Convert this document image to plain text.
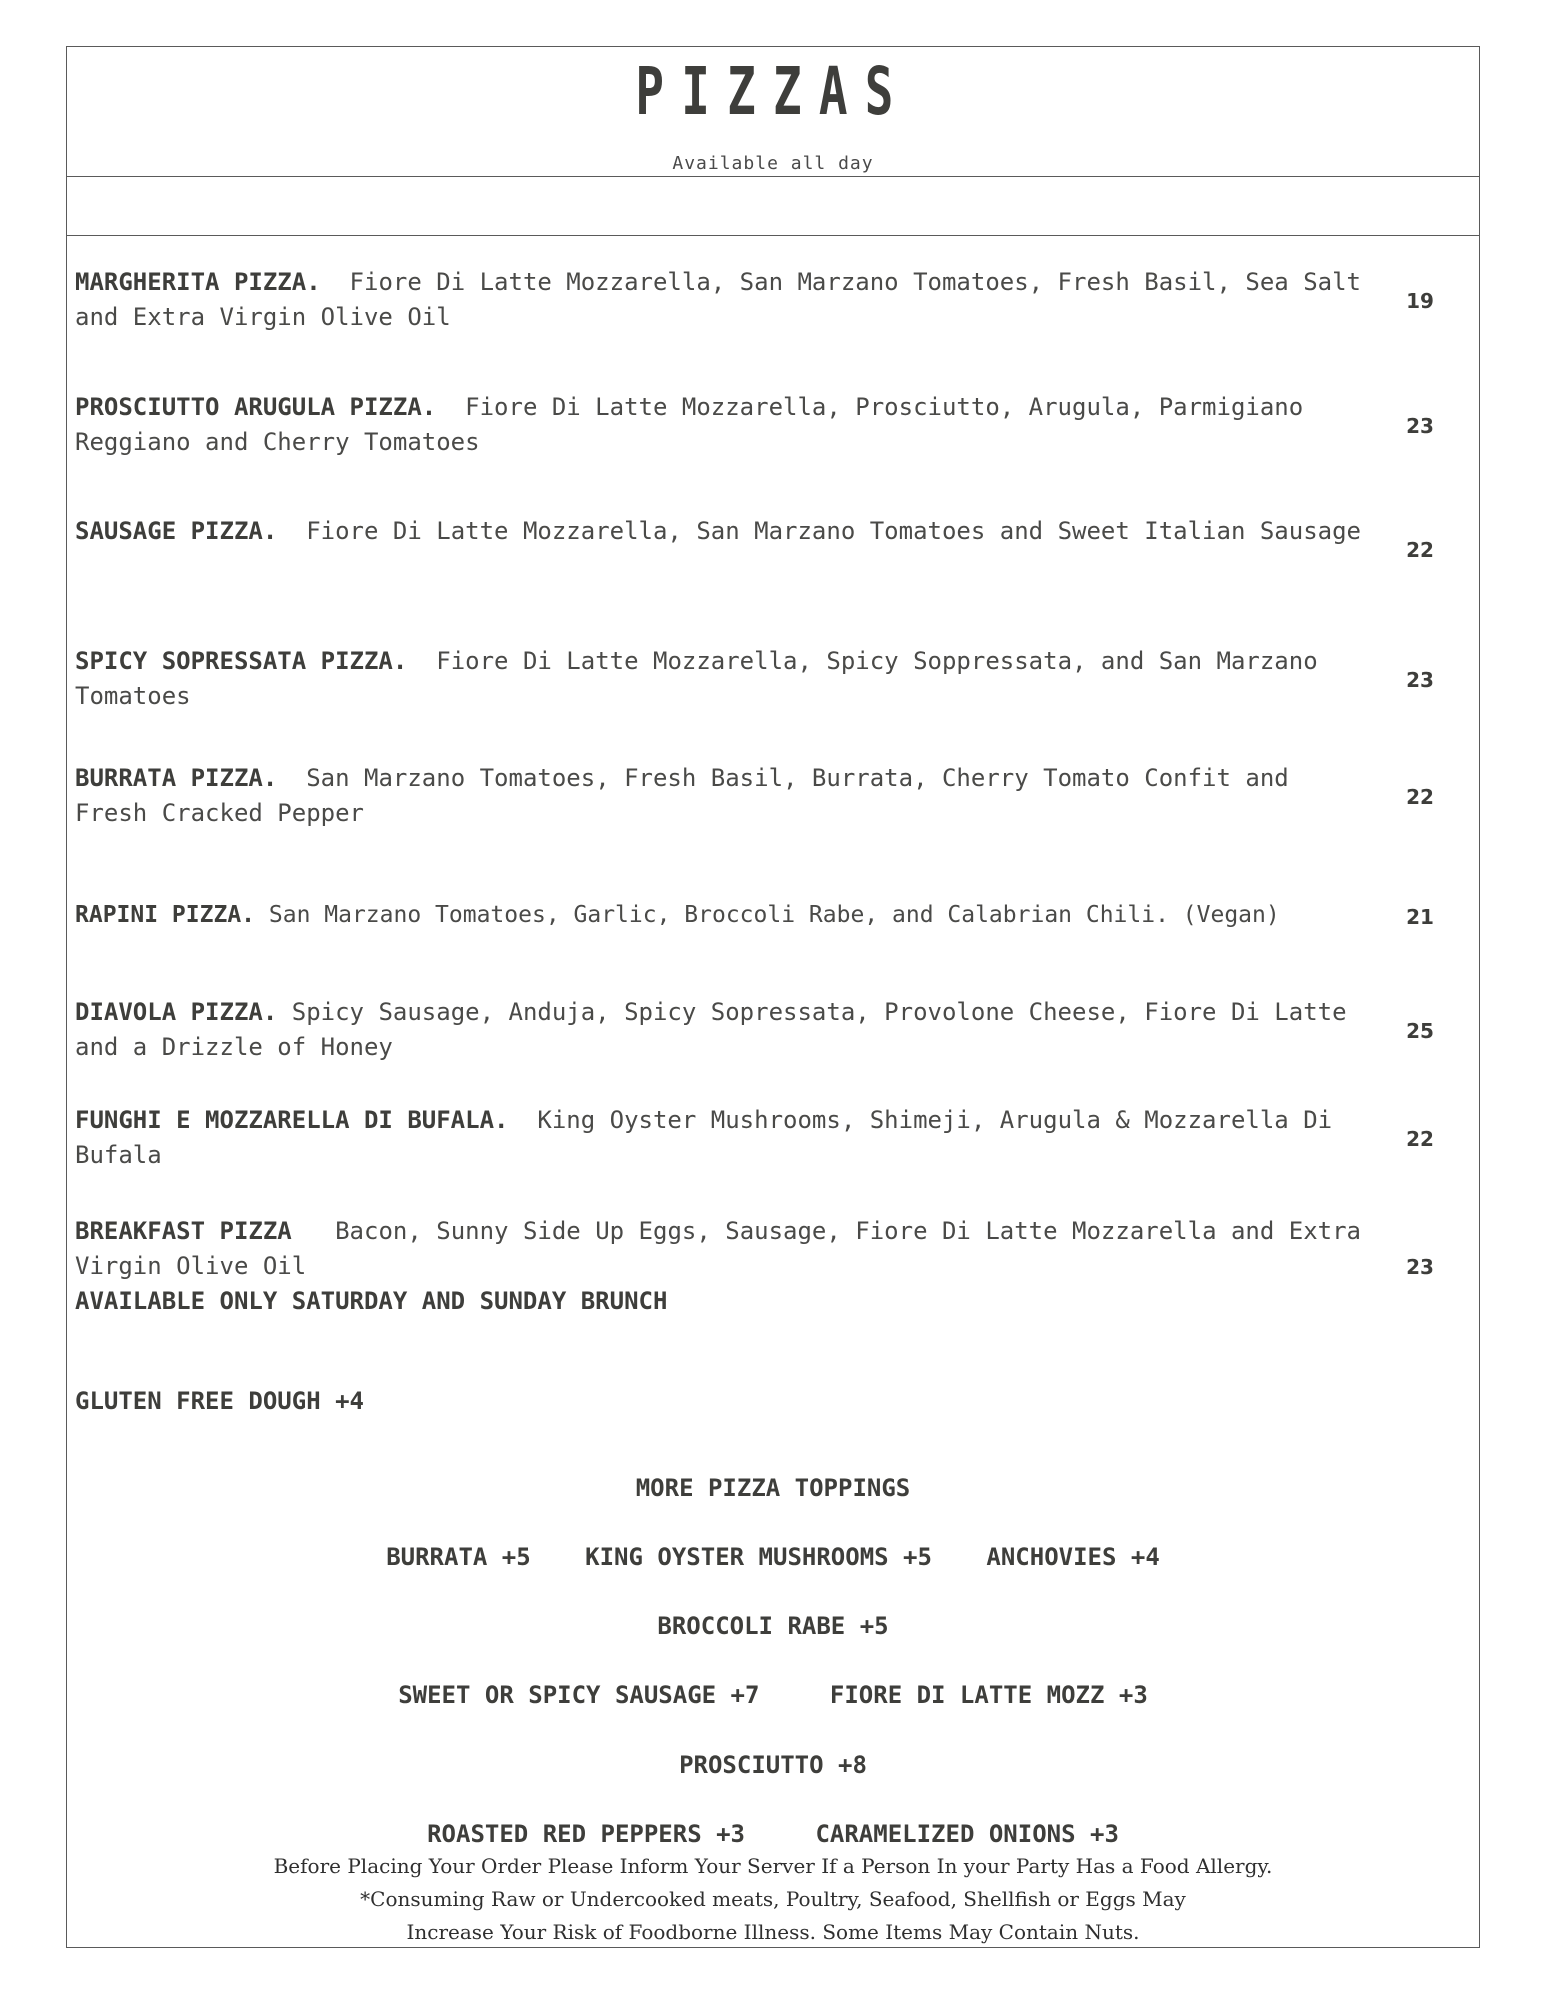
PIZZAS
Available all day
MARGHERITA PIZZA. Fiore Di Latte Mozzarella, San Marzano Tomatoes, Fresh Basil, Sea Salt and Extra Virgin Olive Oil
19
PROSCIUTTO ARUGULA PIZZA. Fiore Di Latte Mozzarella, Prosciutto, Arugula, Parmigiano Reggiano and Cherry Tomatoes
23
SAUSAGE PIZZA. Fiore Di Latte Mozzarella, San Marzano Tomatoes and Sweet Italian Sausage
22
SPICY SOPRESSATA PIZZA. Fiore Di Latte Mozzarella, Spicy Soppressata, and San Marzano Tomatoes
23
BURRATA PIZZA. San Marzano Tomatoes, Fresh Basil, Burrata, Cherry Tomato Confit and Fresh Cracked Pepper
22
RAPINI PIZZA. San Marzano Tomatoes, Garlic, Broccoli Rabe, and Calabrian Chili. (Vegan)	21
DIAVOLA PIZZA. Spicy Sausage, Anduja, Spicy Sopressata, Provolone Cheese, Fiore Di Latte and a Drizzle of Honey
25
FUNGHI E MOZZARELLA DI BUFALA. King Oyster Mushrooms, Shimeji, Arugula & Mozzarella Di Bufala
22
BREAKFAST PIZZA Bacon, Sunny Side Up Eggs, Sausage, Fiore Di Latte Mozzarella and Extra Virgin Olive Oil
AVAILABLE ONLY SATURDAY AND SUNDAY BRUNCH
23
GLUTEN FREE DOUGH +4
MORE PIZZA TOPPINGS
BURRATA +5 KING OYSTER MUSHROOMS +5 ANCHOVIES +4
BROCCOLI RABE +5
SWEET OR SPICY SAUSAGE +7	FIORE DI LATTE MOZZ +3
PROSCIUTTO +8
ROASTED RED PEPPERS +3	CARAMELIZED ONIONS +3
Before Placing Your Order Please Inform Your Server If a Person In your Party Has a Food Allergy.
*Consuming Raw or Undercooked meats, Poultry, Seafood, Shellfish or Eggs May
Increase Your Risk of Foodborne Illness. Some Items May Contain Nuts.
